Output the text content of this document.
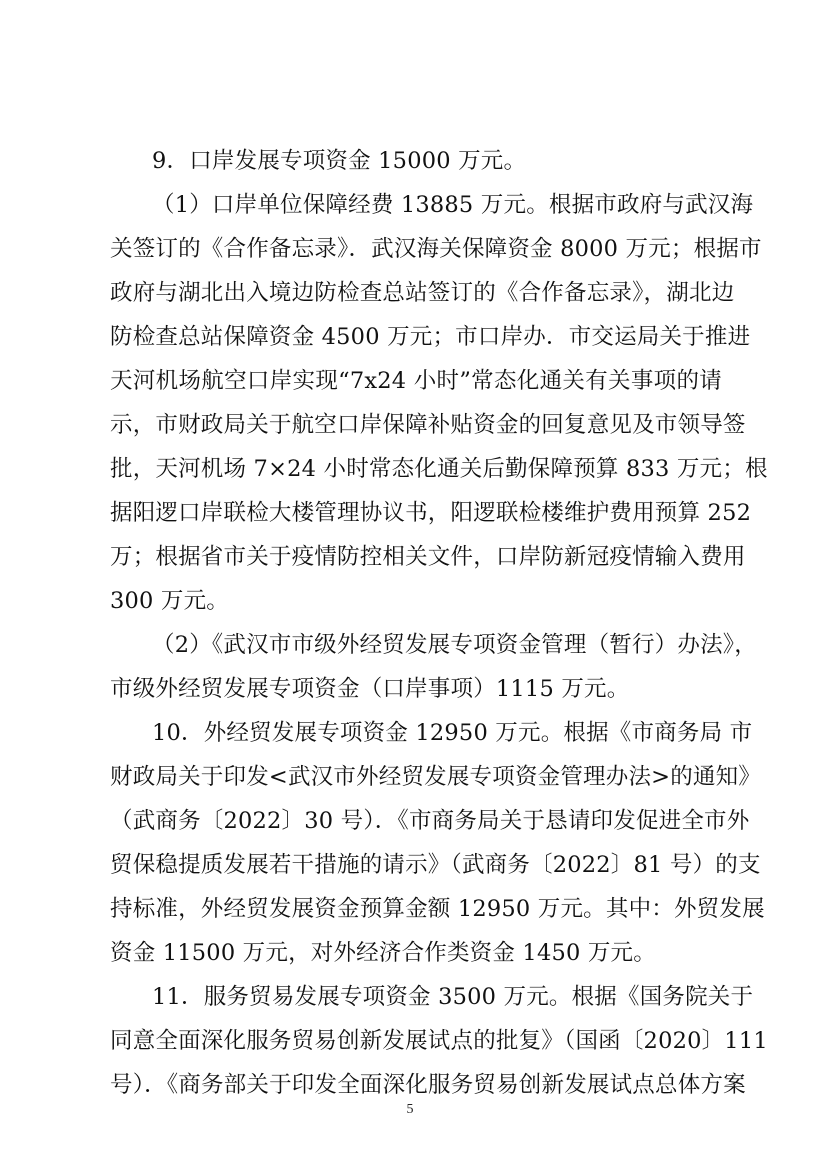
9．口岸发展专项资金 15000 万元。
（1）口岸单位保障经费 13885 万元。根据市政府与武汉海
关签订的《合作备忘录》．武汉海关保障资金 8000 万元；根据市
政府与湖北出入境边防检查总站签订的《合作备忘录》，湖北边
防检查总站保障资金 4500 万元；市口岸办．市交运局关于推进
天河机场航空口岸实现“7x24 小时”常态化通关有关事项的请
示，市财政局关于航空口岸保障补贴资金的回复意见及市领导签
批，天河机场 7×24 小时常态化通关后勤保障预算 833 万元；根
据阳逻口岸联检大楼管理协议书，阳逻联检楼维护费用预算 252
万；根据省市关于疫情防控相关文件，口岸防新冠疫情输入费用
300 万元。
（2）《武汉市市级外经贸发展专项资金管理（暂行）办法》，
市级外经贸发展专项资金（口岸事项）1115 万元。
10．外经贸发展专项资金 12950 万元。根据《市商务局 市
财政局关于印发<武汉市外经贸发展专项资金管理办法>的通知》
（武商务〔2022〕30 号）．《市商务局关于恳请印发促进全市外
贸保稳提质发展若干措施的请示》（武商务〔2022〕81 号）的支
持标准，外经贸发展资金预算金额 12950 万元。其中：外贸发展
资金 11500 万元，对外经济合作类资金 1450 万元。
11．服务贸易发展专项资金 3500 万元。根据《国务院关于
同意全面深化服务贸易创新发展试点的批复》（国函〔2020〕111
号）．《商务部关于印发全面深化服务贸易创新发展试点总体方案
5
